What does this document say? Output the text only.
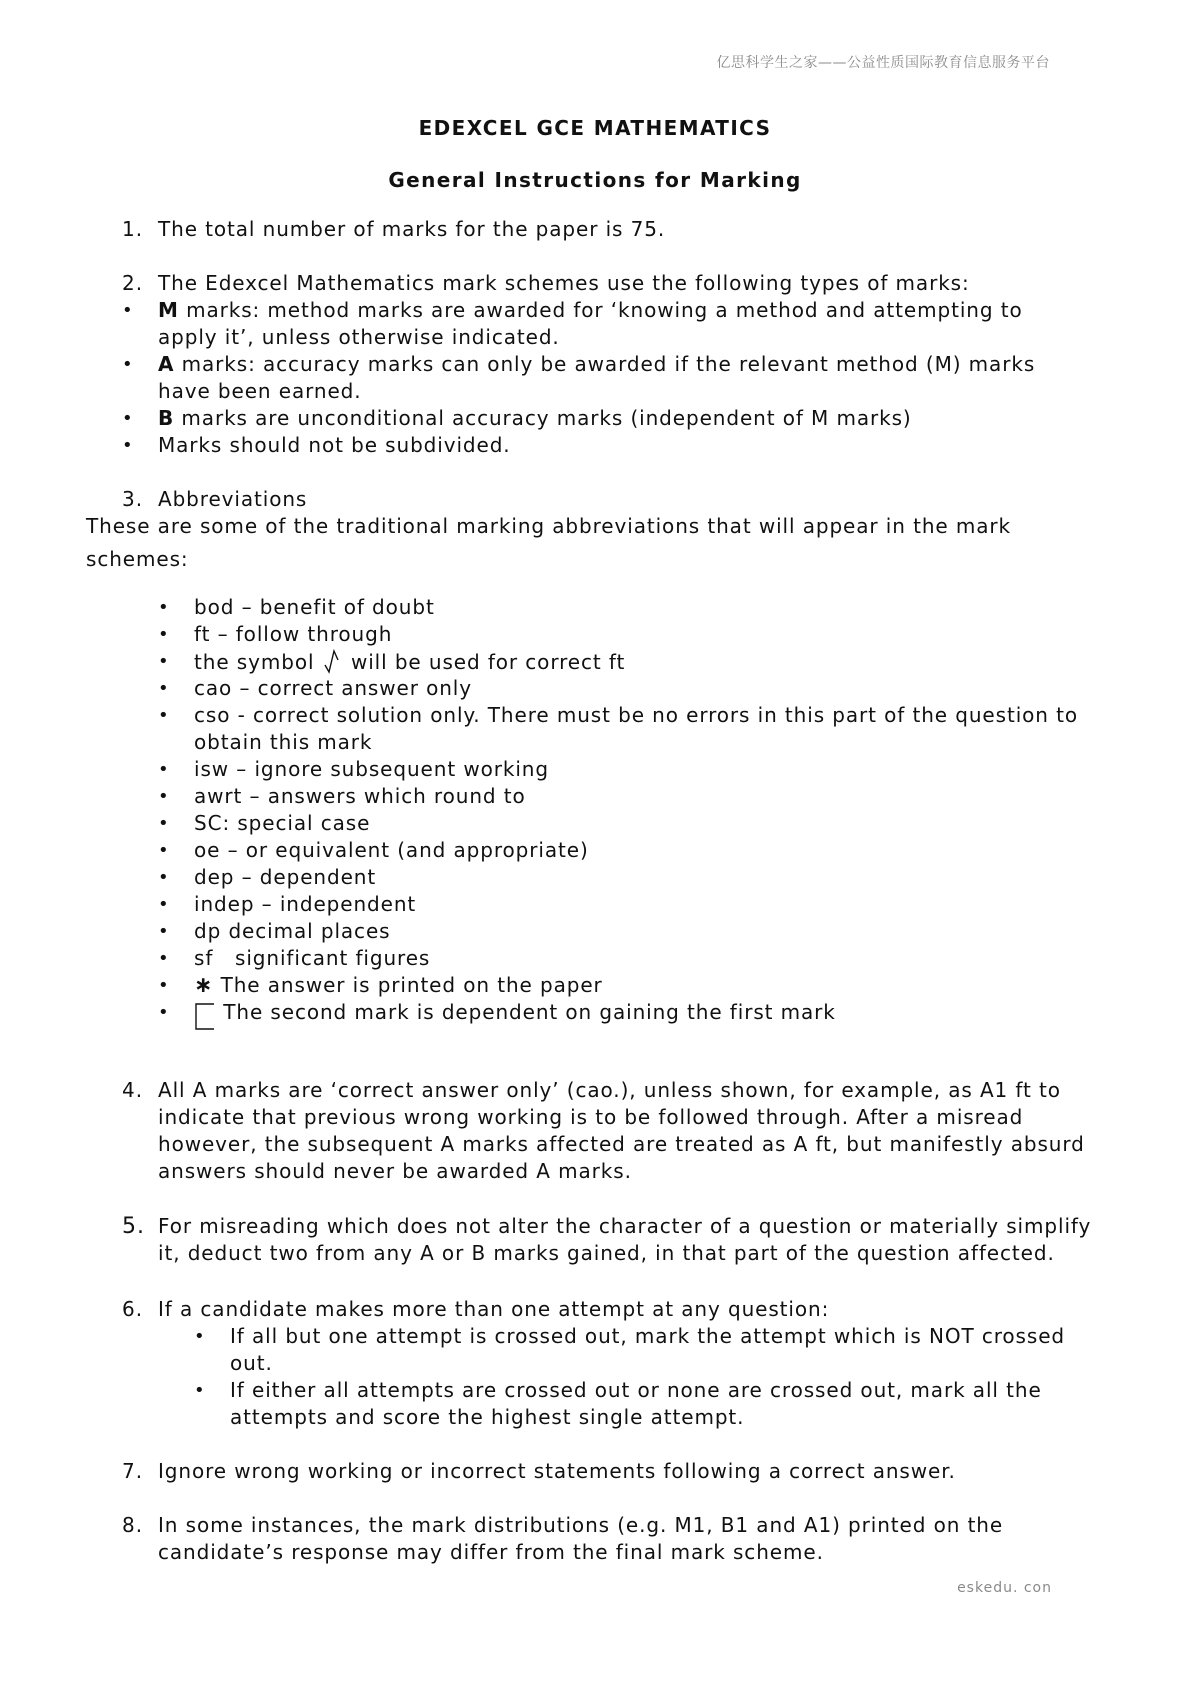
亿思科学生之家——公益性质国际教育信息服务平台
EDEXCEL GCE MATHEMATICS
General Instructions for Marking
1. The total number of marks for the paper is 75.
2. The Edexcel Mathematics mark schemes use the following types of marks:
• M marks: method marks are awarded for ‘knowing a method and attempting to
apply it’, unless otherwise indicated.
• A marks: accuracy marks can only be awarded if the relevant method (M) marks
have been earned.
• B marks are unconditional accuracy marks (independent of M marks)
• Marks should not be subdivided.
3. Abbreviations
These are some of the traditional marking abbreviations that will appear in the mark
schemes:
• bod – benefit of doubt
• ft – follow through
• the symbol will be used for correct ft
• cao – correct answer only
• cso - correct solution only. There must be no errors in this part of the question to
obtain this mark
• isw – ignore subsequent working
• awrt – answers which round to
• SC: special case
• oe – or equivalent (and appropriate)
• dep – dependent
• indep – independent
• dp decimal places
• sf   significant figures
• ∗ The answer is printed on the paper
•	The second mark is dependent on gaining the first mark
4. All A marks are ‘correct answer only’ (cao.), unless shown, for example, as A1 ft to
indicate that previous wrong working is to be followed through. After a misread
however, the subsequent A marks affected are treated as A ft, but manifestly absurd
answers should never be awarded A marks.
5. For misreading which does not alter the character of a question or materially simplify
it, deduct two from any A or B marks gained, in that part of the question affected.
6. If a candidate makes more than one attempt at any question:
• If all but one attempt is crossed out, mark the attempt which is NOT crossed
out.
• If either all attempts are crossed out or none are crossed out, mark all the
attempts and score the highest single attempt.
7. Ignore wrong working or incorrect statements following a correct answer.
8. In some instances, the mark distributions (e.g. M1, B1 and A1) printed on the
candidate’s response may differ from the final mark scheme.
eskedu. con
